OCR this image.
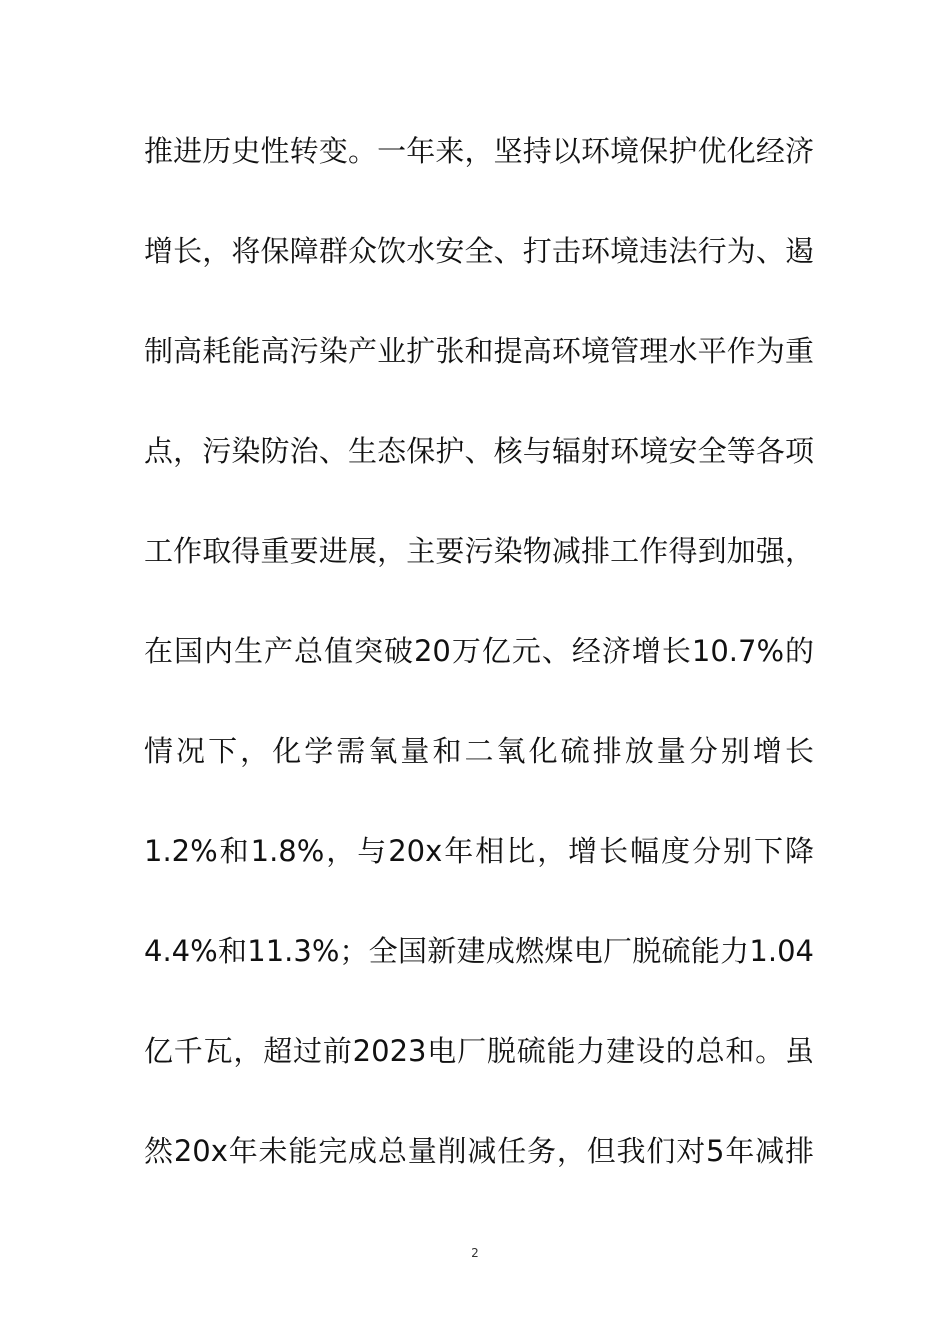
推进历史性转变。一年来，坚持以环境保护优化经济
增长，将保障群众饮水安全、打击环境违法行为、遏
制高耗能高污染产业扩张和提高环境管理水平作为重
点，污染防治、生态保护、核与辐射环境安全等各项
工作取得重要进展，主要污染物减排工作得到加强，
在国内生产总值突破20万亿元、经济增长10.7%的
情况下，化学需氧量和二氧化硫排放量分别增长
1.2%和1.8%，与20x年相比，增长幅度分别下降
4.4%和11.3%；全国新建成燃煤电厂脱硫能力1.04
亿千瓦，超过前2023电厂脱硫能力建设的总和。虽
然20x年未能完成总量削减任务，但我们对5年减排
2
